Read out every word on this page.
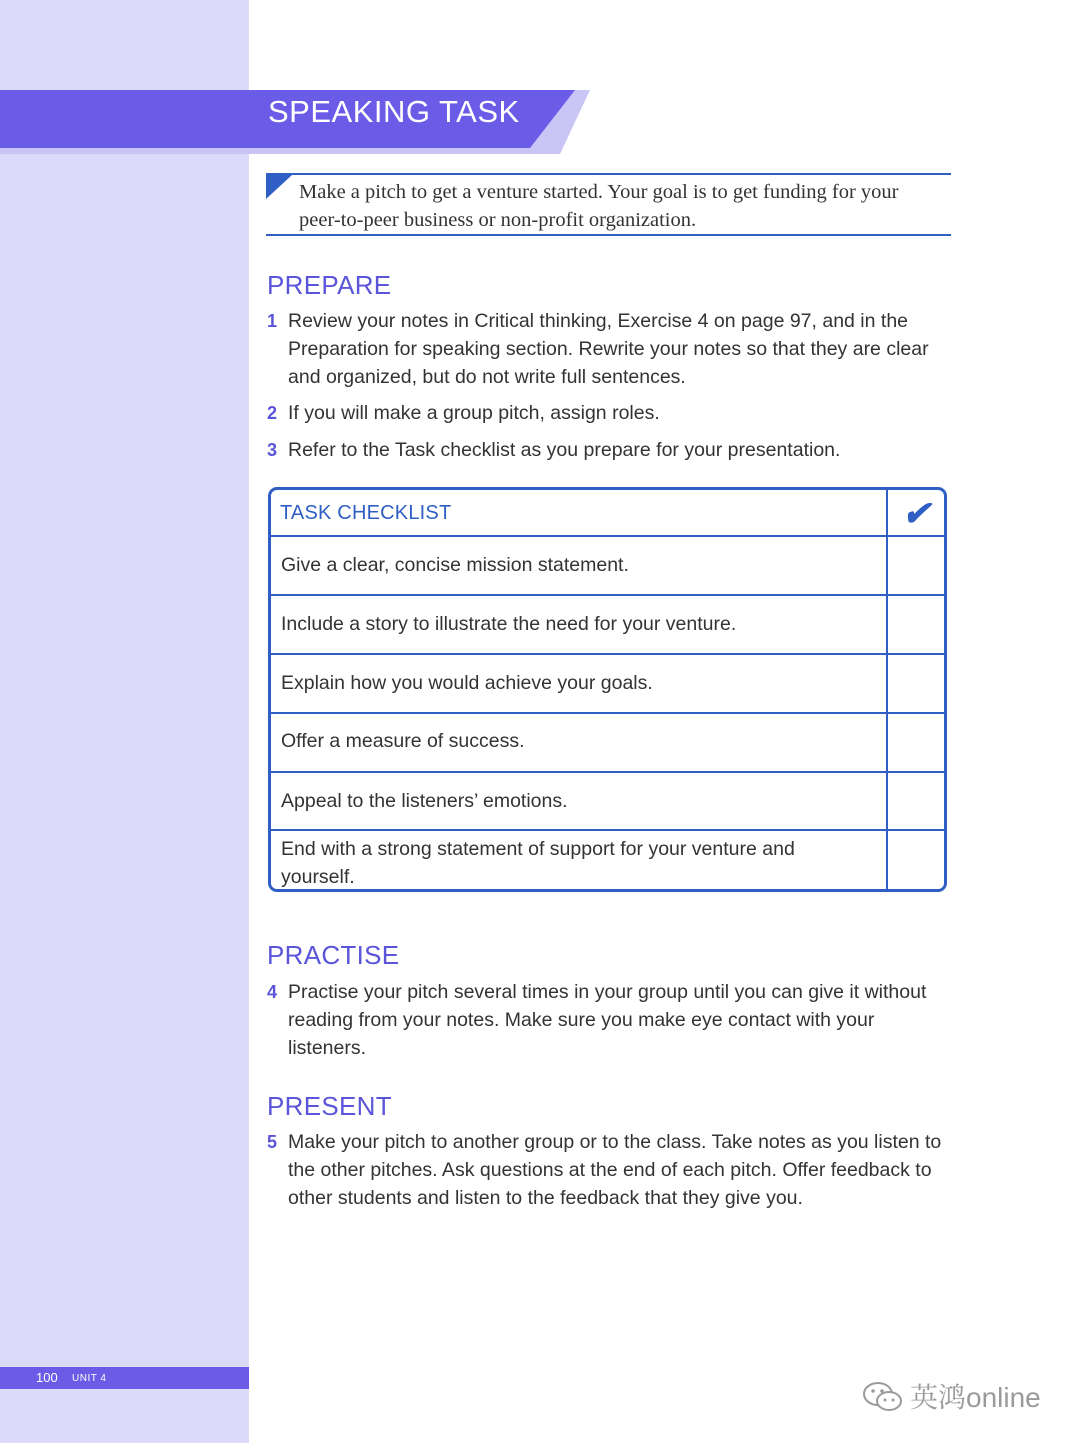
SPEAKING TASK
Make a pitch to get a venture started. Your goal is to get funding for your peer-to-peer business or non-profit organization.
PREPARE
1 Review your notes in Critical thinking, Exercise 4 on page 97, and in the Preparation for speaking section. Rewrite your notes so that they are clear and organized, but do not write full sentences.
2 If you will make a group pitch, assign roles.
3 Refer to the Task checklist as you prepare for your presentation.
TASK CHECKLIST	✔
Give a clear, concise mission statement.
Include a story to illustrate the need for your venture.
Explain how you would achieve your goals.
Offer a measure of success.
Appeal to the listeners’ emotions.
End with a strong statement of support for your venture and yourself.
PRACTISE
4 Practise your pitch several times in your group until you can give it without reading from your notes. Make sure you make eye contact with your listeners.
PRESENT
5 Make your pitch to another group or to the class. Take notes as you listen to the other pitches. Ask questions at the end of each pitch. Offer feedback to other students and listen to the feedback that they give you.
100 UNIT 4
英鸿online
